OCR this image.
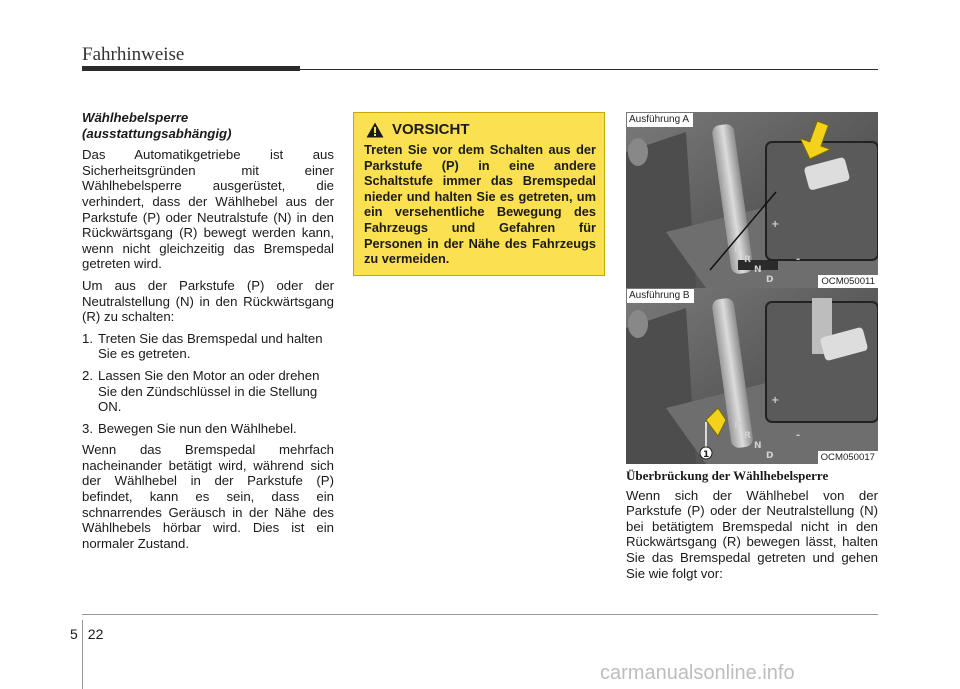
Fahrhinweise
Wählhebelsperre
(ausstattungsabhängig)

Das Automatikgetriebe ist aus Sicherheitsgründen mit einer Wählhebelsperre ausgerüstet, die verhindert, dass der Wählhebel aus der Parkstufe (P) oder Neutralstufe (N) in den Rückwärtsgang (R) bewegt werden kann, wenn nicht gleichzeitig das Bremspedal getreten wird.

Um aus der Parkstufe (P) oder der Neutralstellung (N) in den Rückwärtsgang (R) zu schalten:

1. Treten Sie das Bremspedal und halten Sie es getreten.
2. Lassen Sie den Motor an oder drehen Sie den Zündschlüssel in die Stellung ON.
3. Bewegen Sie nun den Wählhebel.

Wenn das Bremspedal mehrfach nacheinander betätigt wird, während sich der Wählhebel in der Parkstufe (P) befindet, kann es sein, dass ein schnarrendes Geräusch in der Nähe des Wählhebels hörbar wird. Dies ist ein normaler Zustand.

VORSICHT
Treten Sie vor dem Schalten aus der Parkstufe (P) in eine andere Schaltstufe immer das Bremspedal nieder und halten Sie es getreten, um ein versehentliche Bewegung des Fahrzeugs und Gefahren für Personen in der Nähe des Fahrzeugs zu vermeiden.
P
R
N
D
+
-
Ausführung A
OCM050011
1
P
R
N
D
+
-
Ausführung B
OCM050017
Überbrückung der Wählhebelsperre

Wenn sich der Wählhebel von der Parkstufe (P) oder der Neutralstellung (N) bei betätigtem Bremspedal nicht in den Rückwärtsgang (R) bewegen lässt, halten Sie das Bremspedal getreten und gehen Sie wie folgt vor:

5 22
carmanualsonline.info
